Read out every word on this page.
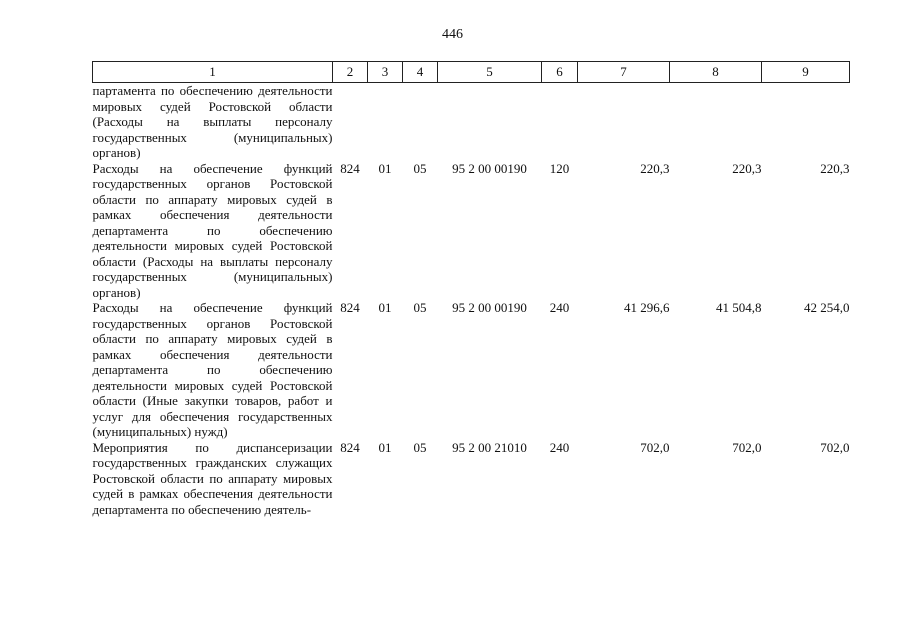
446
1	2	3	4	5	6	7	8	9
партамента по обеспечению деятельности мировых судей Ростовской области (Расходы на выплаты персоналу государственных (муниципальных) органов)								
Расходы на обеспечение функций государственных органов Ростовской области по аппарату мировых судей в рамках обеспечения деятельности департамента по обеспечению деятельности мировых судей Ростовской области (Расходы на выплаты персоналу государственных (муниципальных) органов)	824	01	05	95 2 00 00190	120	220,3	220,3	220,3
Расходы на обеспечение функций государственных органов Ростовской области по аппарату мировых судей в рамках обеспечения деятельности департамента по обеспечению деятельности мировых судей Ростовской области (Иные закупки товаров, работ и услуг для обеспечения государственных (муниципальных) нужд)	824	01	05	95 2 00 00190	240	41 296,6	41 504,8	42 254,0
Мероприятия по диспансеризации государственных гражданских служащих Ростовской области по аппарату мировых судей в рамках обеспечения деятельности департамента по обеспечению деятель-	824	01	05	95 2 00 21010	240	702,0	702,0	702,0
